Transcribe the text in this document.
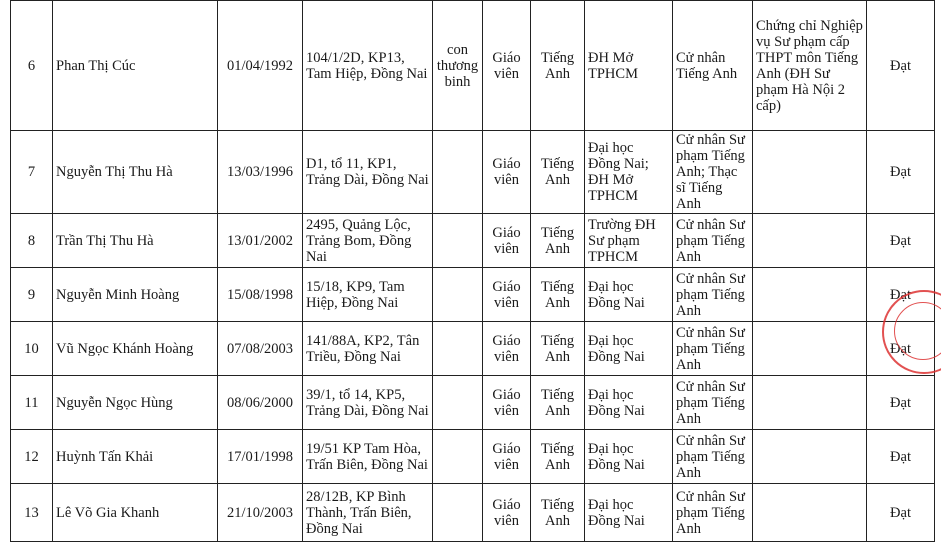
6	Phan Thị Cúc	01/04/1992	104/1/2D, KP13, Tam Hiệp, Đồng Nai	con thương binh	Giáo viên	Tiếng Anh	ĐH Mở TPHCM	Cử nhân Tiếng Anh	Chứng chỉ Nghiệp vụ Sư phạm cấp THPT môn Tiếng Anh (ĐH Sư phạm Hà Nội 2 cấp)	Đạt
7	Nguyễn Thị Thu Hà	13/03/1996	D1, tổ 11, KP1, Trảng Dài, Đồng Nai		Giáo viên	Tiếng Anh	Đại học Đồng Nai; ĐH Mở TPHCM	Cử nhân Sư phạm Tiếng Anh; Thạc sĩ Tiếng Anh		Đạt
8	Trần Thị Thu Hà	13/01/2002	2495, Quảng Lộc, Trảng Bom, Đồng Nai		Giáo viên	Tiếng Anh	Trường ĐH Sư phạm TPHCM	Cử nhân Sư phạm Tiếng Anh		Đạt
9	Nguyễn Minh Hoàng	15/08/1998	15/18, KP9, Tam Hiệp, Đồng Nai		Giáo viên	Tiếng Anh	Đại học Đồng Nai	Cử nhân Sư phạm Tiếng Anh		Đạt
10	Vũ Ngọc Khánh Hoàng	07/08/2003	141/88A, KP2, Tân Triều, Đồng Nai		Giáo viên	Tiếng Anh	Đại học Đồng Nai	Cử nhân Sư phạm Tiếng Anh		Đạt
11	Nguyễn Ngọc Hùng	08/06/2000	39/1, tổ 14, KP5, Trảng Dài, Đồng Nai		Giáo viên	Tiếng Anh	Đại học Đồng Nai	Cử nhân Sư phạm Tiếng Anh		Đạt
12	Huỳnh Tấn Khải	17/01/1998	19/51 KP Tam Hòa, Trấn Biên, Đồng Nai		Giáo viên	Tiếng Anh	Đại học Đồng Nai	Cử nhân Sư phạm Tiếng Anh		Đạt
13	Lê Võ Gia Khanh	21/10/2003	28/12B, KP Bình Thành, Trấn Biên, Đồng Nai		Giáo viên	Tiếng Anh	Đại học Đồng Nai	Cử nhân Sư phạm Tiếng Anh		Đạt
